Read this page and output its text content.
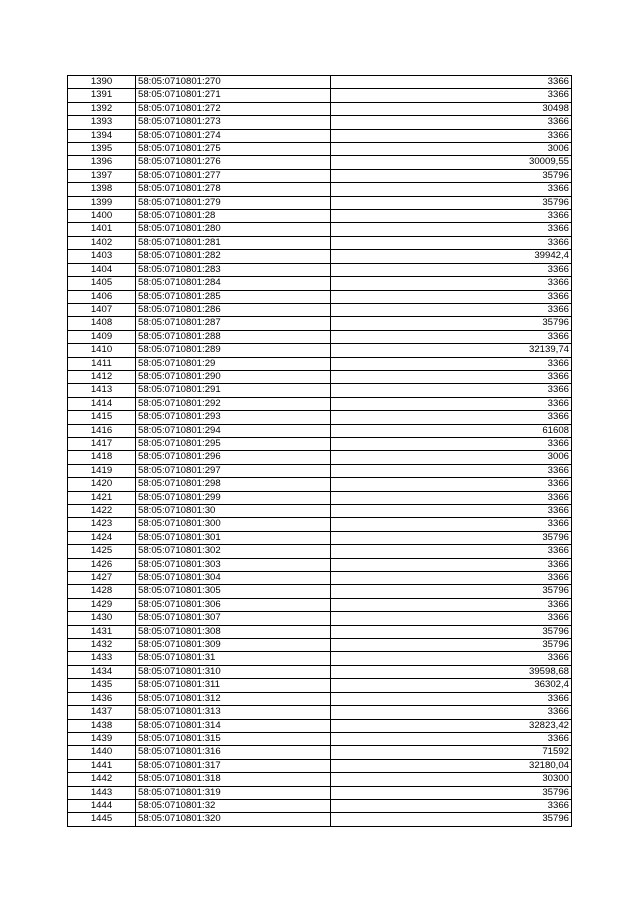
1390	58:05:0710801:270	3366
1391	58:05:0710801:271	3366
1392	58:05:0710801:272	30498
1393	58:05:0710801:273	3366
1394	58:05:0710801:274	3366
1395	58:05:0710801:275	3006
1396	58:05:0710801:276	30009,55
1397	58:05:0710801:277	35796
1398	58:05:0710801:278	3366
1399	58:05:0710801:279	35796
1400	58:05:0710801:28	3366
1401	58:05:0710801:280	3366
1402	58:05:0710801:281	3366
1403	58:05:0710801:282	39942,4
1404	58:05:0710801:283	3366
1405	58:05:0710801:284	3366
1406	58:05:0710801:285	3366
1407	58:05:0710801:286	3366
1408	58:05:0710801:287	35796
1409	58:05:0710801:288	3366
1410	58:05:0710801:289	32139,74
1411	58:05:0710801:29	3366
1412	58:05:0710801:290	3366
1413	58:05:0710801:291	3366
1414	58:05:0710801:292	3366
1415	58:05:0710801:293	3366
1416	58:05:0710801:294	61608
1417	58:05:0710801:295	3366
1418	58:05:0710801:296	3006
1419	58:05:0710801:297	3366
1420	58:05:0710801:298	3366
1421	58:05:0710801:299	3366
1422	58:05:0710801:30	3366
1423	58:05:0710801:300	3366
1424	58:05:0710801:301	35796
1425	58:05:0710801:302	3366
1426	58:05:0710801:303	3366
1427	58:05:0710801:304	3366
1428	58:05:0710801:305	35796
1429	58:05:0710801:306	3366
1430	58:05:0710801:307	3366
1431	58:05:0710801:308	35796
1432	58:05:0710801:309	35796
1433	58:05:0710801:31	3366
1434	58:05:0710801:310	39598,68
1435	58:05:0710801:311	36302,4
1436	58:05:0710801:312	3366
1437	58:05:0710801:313	3366
1438	58:05:0710801:314	32823,42
1439	58:05:0710801:315	3366
1440	58:05:0710801:316	71592
1441	58:05:0710801:317	32180,04
1442	58:05:0710801:318	30300
1443	58:05:0710801:319	35796
1444	58:05:0710801:32	3366
1445	58:05:0710801:320	35796
